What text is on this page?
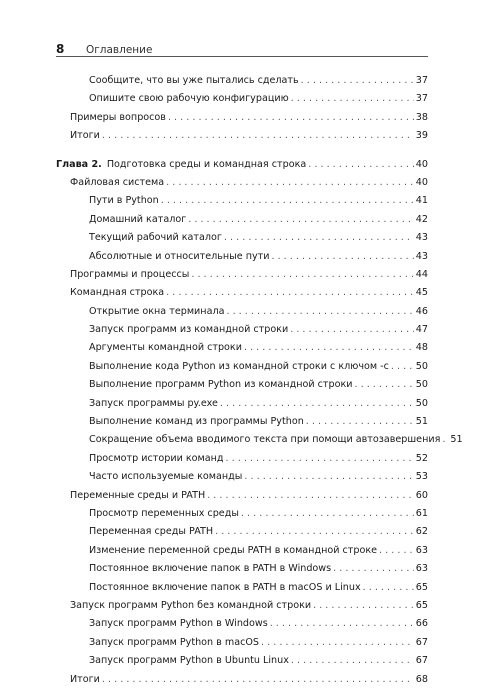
8	Оглавление
Сообщите, что вы уже пытались сделать . . .	37
Опишите свою рабочую конфигурацию . . .	37
Примеры вопросов . . .	38
Итоги . . .	39
Глава 2. Подготовка среды и командная строка . . .	40
Файловая система . . .	40
Пути в Python . . .	41
Домашний каталог . . .	42
Текущий рабочий каталог . . .	43
Абсолютные и относительные пути . . .	43
Программы и процессы . . .	44
Командная строка . . .	45
Открытие окна терминала . . .	46
Запуск программ из командной строки . . .	47
Аргументы командной строки . . .	48
Выполнение кода Python из командной строки с ключом -c . . .	50
Выполнение программ Python из командной строки . . .	50
Запуск программы py.exe . . .	50
Выполнение команд из программы Python . . .	51
Сокращение объема вводимого текста при помощи автозавершения . . . 51
Просмотр истории команд . . .	52
Часто используемые команды . . .	53
Переменные среды и PATH . . .	60
Просмотр переменных среды . . .	61
Переменная среды PATH . . .	62
Изменение переменной среды PATH в командной строке . . .	63
Постоянное включение папок в PATH в Windows . . .	63
Постоянное включение папок в PATH в macOS и Linux . . .	65
Запуск программ Python без командной строки . . .	65
Запуск программ Python в Windows . . .	66
Запуск программ Python в macOS . . .	67
Запуск программ Python в Ubuntu Linux . . .	67
Итоги . . .	68
